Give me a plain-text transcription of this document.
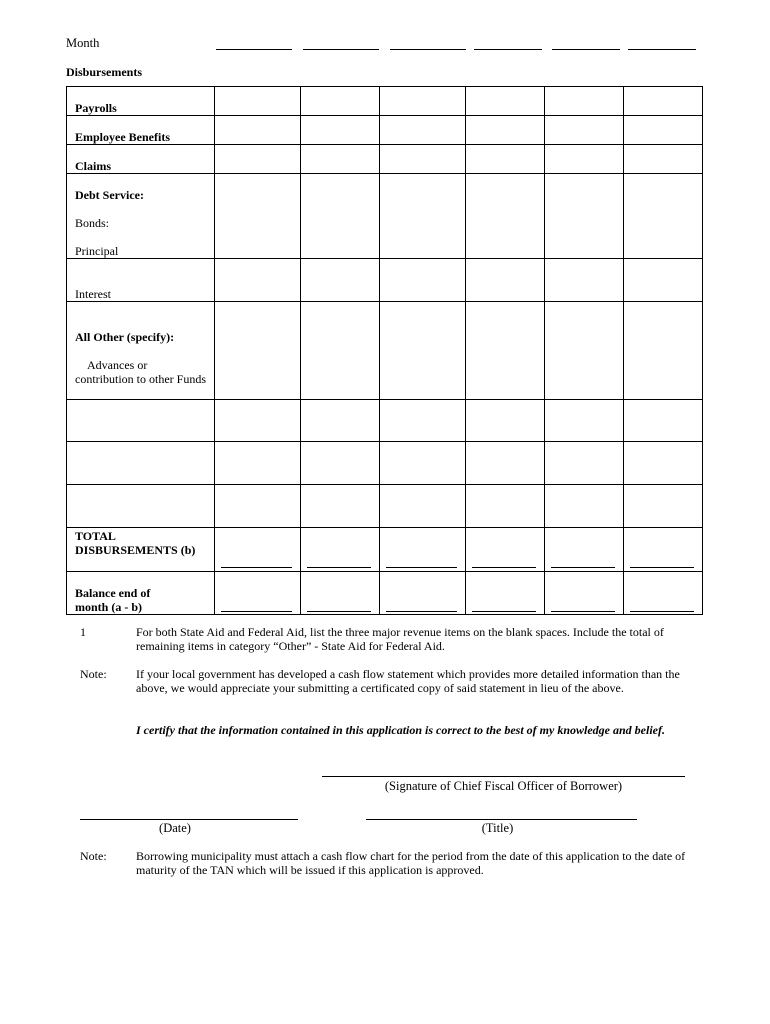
Month
Disbursements
Payrolls						

Employee Benefits						

Claims						

Debt Service:
Bonds:
Principal						

Interest						

All Other (specify):
Advances or contribution to other Funds						

TOTAL DISBURSEMENTS (b)						

Balance end of month (a - b)						

1	For both State Aid and Federal Aid, list the three major revenue items on the blank spaces. Include the total of remaining items in category “Other” - State Aid for Federal Aid.
Note: If your local government has developed a cash flow statement which provides more detailed information than the above, we would appreciate your submitting a certificated copy of said statement in lieu of the above.
I certify that the information contained in this application is correct to the best of my knowledge and belief.
(Signature of Chief Fiscal Officer of Borrower)
(Date)	(Title)
Note: Borrowing municipality must attach a cash flow chart for the period from the date of this application to the date of maturity of the TAN which will be issued if this application is approved.
